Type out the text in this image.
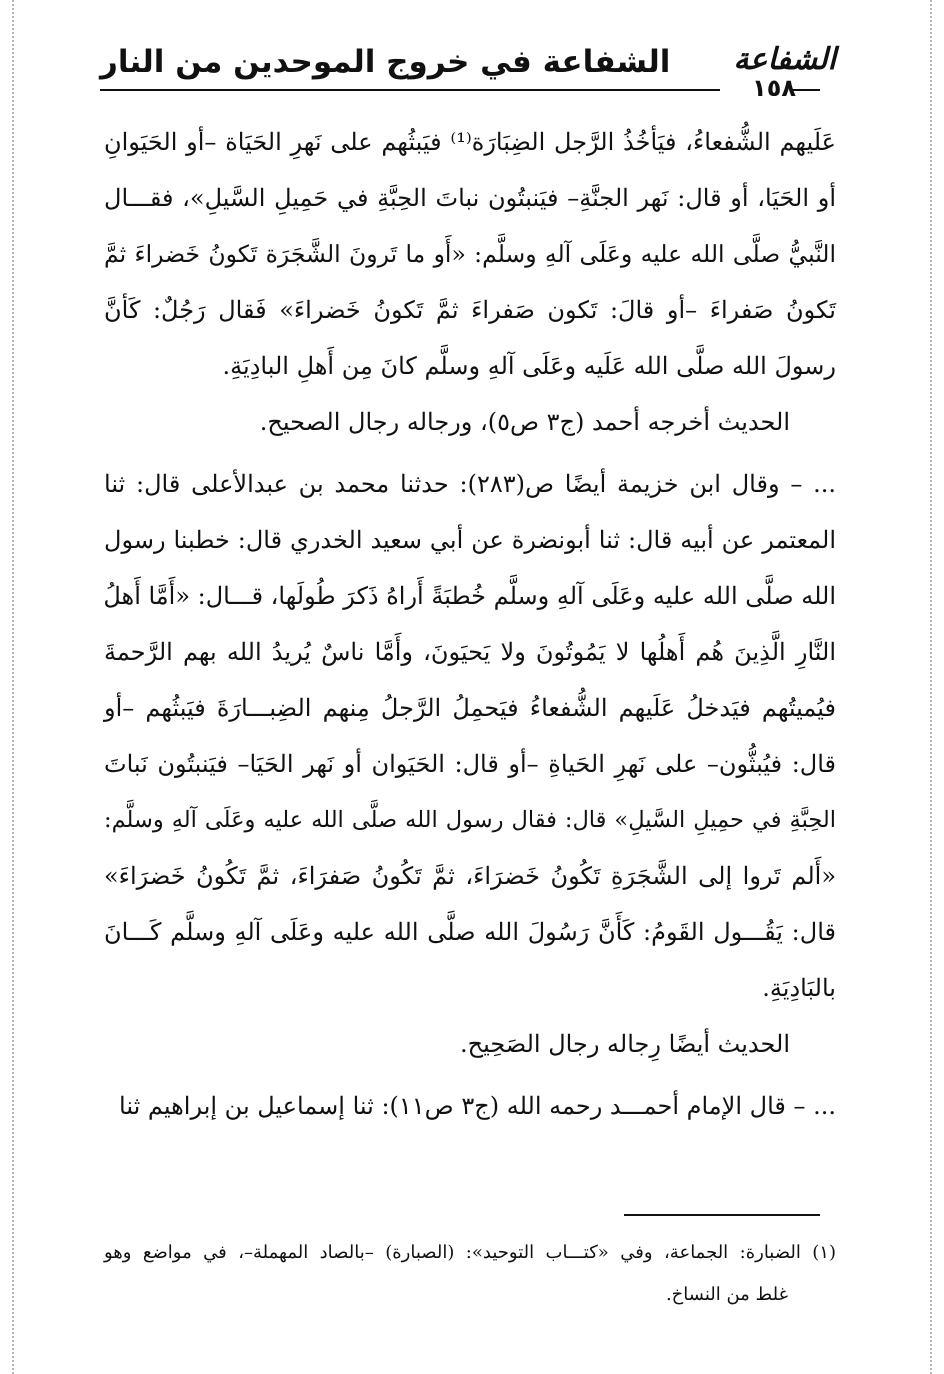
الشفاعة
١٥٨
الشفاعة في خروج الموحدين من النار
عَلَيهم الشُّفعاءُ، فيَأخُذُ الرَّجل الضِبَارَة⁽¹⁾ فيَبثُهم على نَهرِ الحَيَاة –أو الحَيَوانِ
أو الحَيَا، أو قال: نَهر الجنَّةِ– فيَنبتُون نباتَ الحِبَّةِ في حَمِيلِ السَّيلِ»، فقـــال
النَّبيُّ صلَّى الله عليه وعَلَى آلهِ وسلَّم: «أَو ما تَرونَ الشَّجَرَة تَكونُ خَضراءَ ثمَّ
تَكونُ صَفراءَ –أو قالَ: تَكون صَفراءَ ثمَّ تَكونُ خَضراءَ» فَقال رَجُلٌ: كَأنَّ
رسولَ الله صلَّى الله عَلَيه وعَلَى آلهِ وسلَّم كانَ مِن أَهلِ البادِيَةِ.
الحديث أخرجه أحمد (ج٣ ص٥)، ورجاله رجال الصحيح.
... – وقال ابن خزيمة أيضًا ص(٢٨٣): حدثنا محمد بن عبدالأعلى قال: ثنا
المعتمر عن أبيه قال: ثنا أبونضرة عن أبي سعيد الخدري قال: خطبنا رسول
الله صلَّى الله عليه وعَلَى آلهِ وسلَّم خُطبَةً أَراهُ ذَكرَ طُولَها، قـــال: «أَمَّا أَهلُ
النَّارِ الَّذِينَ هُم أَهلُها لا يَمُوتُونَ ولا يَحيَونَ، وأَمَّا ناسٌ يُريدُ الله بهم الرَّحمةَ
فيُميتُهم فيَدخلُ عَلَيهم الشُّفعاءُ فيَحمِلُ الرَّجلُ مِنهم الضِبـــارَةَ فيَبثُهم –أو
قال: فيُبثُّون– على نَهرِ الحَياةِ –أو قال: الحَيَوان أو نَهر الحَيَا– فيَنبتُون نَباتَ
الحِبَّةِ في حمِيلِ السَّيلِ» قال: فقال رسول الله صلَّى الله عليه وعَلَى آلهِ وسلَّم:
«أَلم تَروا إلى الشَّجَرَةِ تَكُونُ خَضرَاءَ، ثمَّ تَكُونُ صَفرَاءَ، ثمَّ تَكُونُ خَضرَاءَ»
قال: يَقُـــول القَومُ: كَأَنَّ رَسُولَ الله صلَّى الله عليه وعَلَى آلهِ وسلَّم كَـــانَ
بالبَادِيَةِ.
الحديث أيضًا رِجاله رجال الصَحِيح.
... – قال الإمام أحمـــد رحمه الله (ج٣ ص١١): ثنا إسماعيل بن إبراهيم ثنا
(١) الضبارة: الجماعة، وفي «كتـــاب التوحيد»: (الصبارة) –بالصاد المهملة–، في مواضع وهو
غلط من النساخ.
